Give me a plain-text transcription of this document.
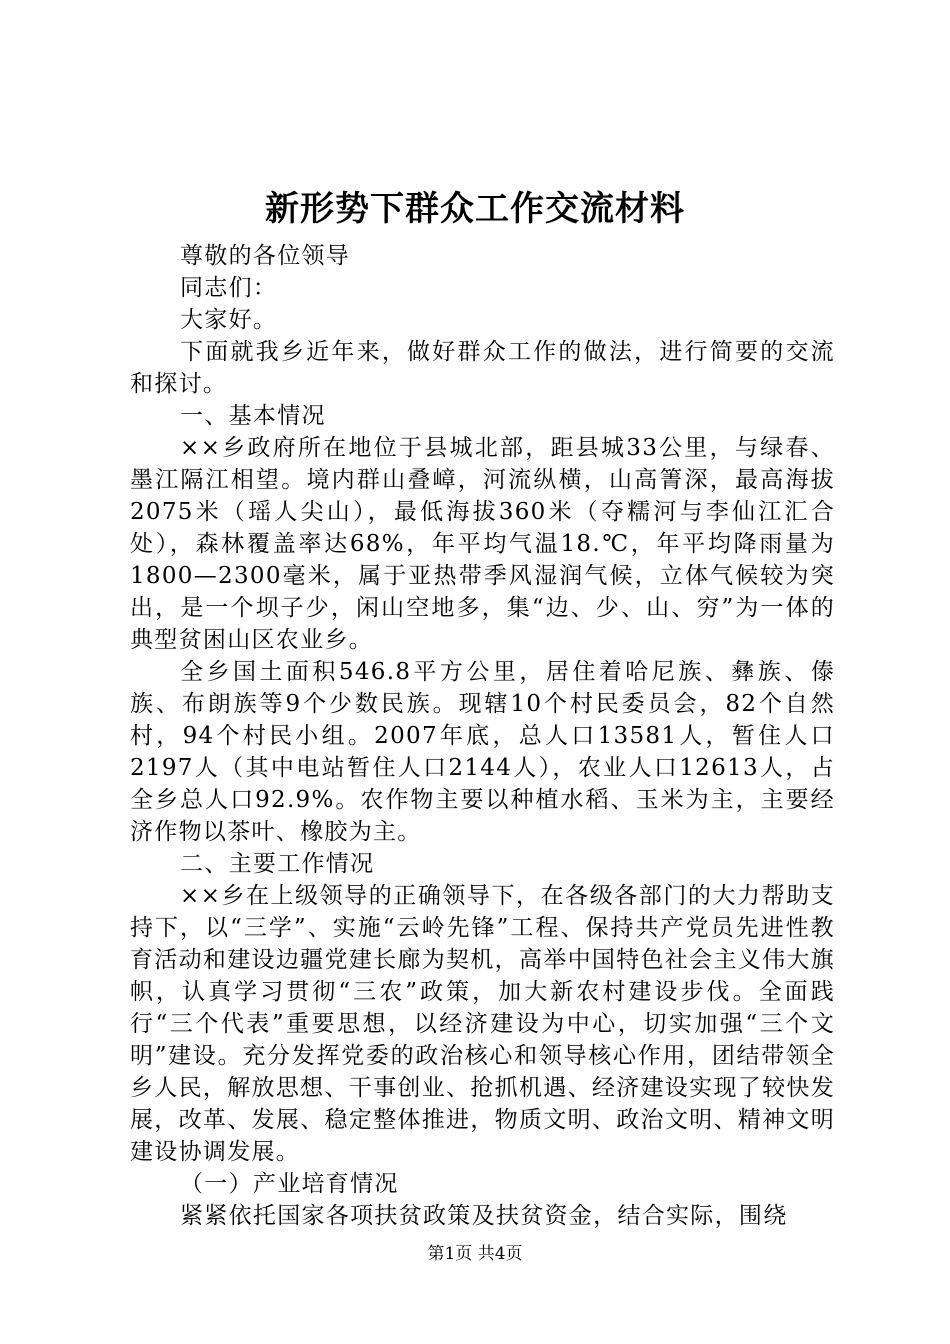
新形势下群众工作交流材料

尊敬的各位领导

同志们：

大家好。

下面就我乡近年来，做好群众工作的做法，进行简要的交流和探讨。

一、基本情况

××乡政府所在地位于县城北部，距县城33公里，与绿春、墨江隔江相望。境内群山叠嶂，河流纵横，山高箐深，最高海拔2075米（瑶人尖山），最低海拔360米（夺糯河与李仙江汇合处），森林覆盖率达68%，年平均气温18.℃，年平均降雨量为1800—2300毫米，属于亚热带季风湿润气候，立体气候较为突出，是一个坝子少，闲山空地多，集“边、少、山、穷”为一体的典型贫困山区农业乡。

全乡国土面积546.8平方公里，居住着哈尼族、彝族、傣族、布朗族等9个少数民族。现辖10个村民委员会，82个自然村，94个村民小组。2007年底，总人口13581人，暂住人口2197人（其中电站暂住人口2144人），农业人口12613人，占全乡总人口92.9%。农作物主要以种植水稻、玉米为主，主要经济作物以茶叶、橡胶为主。

二、主要工作情况

××乡在上级领导的正确领导下，在各级各部门的大力帮助支持下，以“三学”、实施“云岭先锋”工程、保持共产党员先进性教育活动和建设边疆党建长廊为契机，高举中国特色社会主义伟大旗帜，认真学习贯彻“三农”政策，加大新农村建设步伐。全面践行“三个代表”重要思想，以经济建设为中心，切实加强“三个文明”建设。充分发挥党委的政治核心和领导核心作用，团结带领全乡人民，解放思想、干事创业、抢抓机遇、经济建设实现了较快发展，改革、发展、稳定整体推进，物质文明、政治文明、精神文明建设协调发展。

（一）产业培育情况

紧紧依托国家各项扶贫政策及扶贫资金，结合实际，围绕

第1页 共4页
